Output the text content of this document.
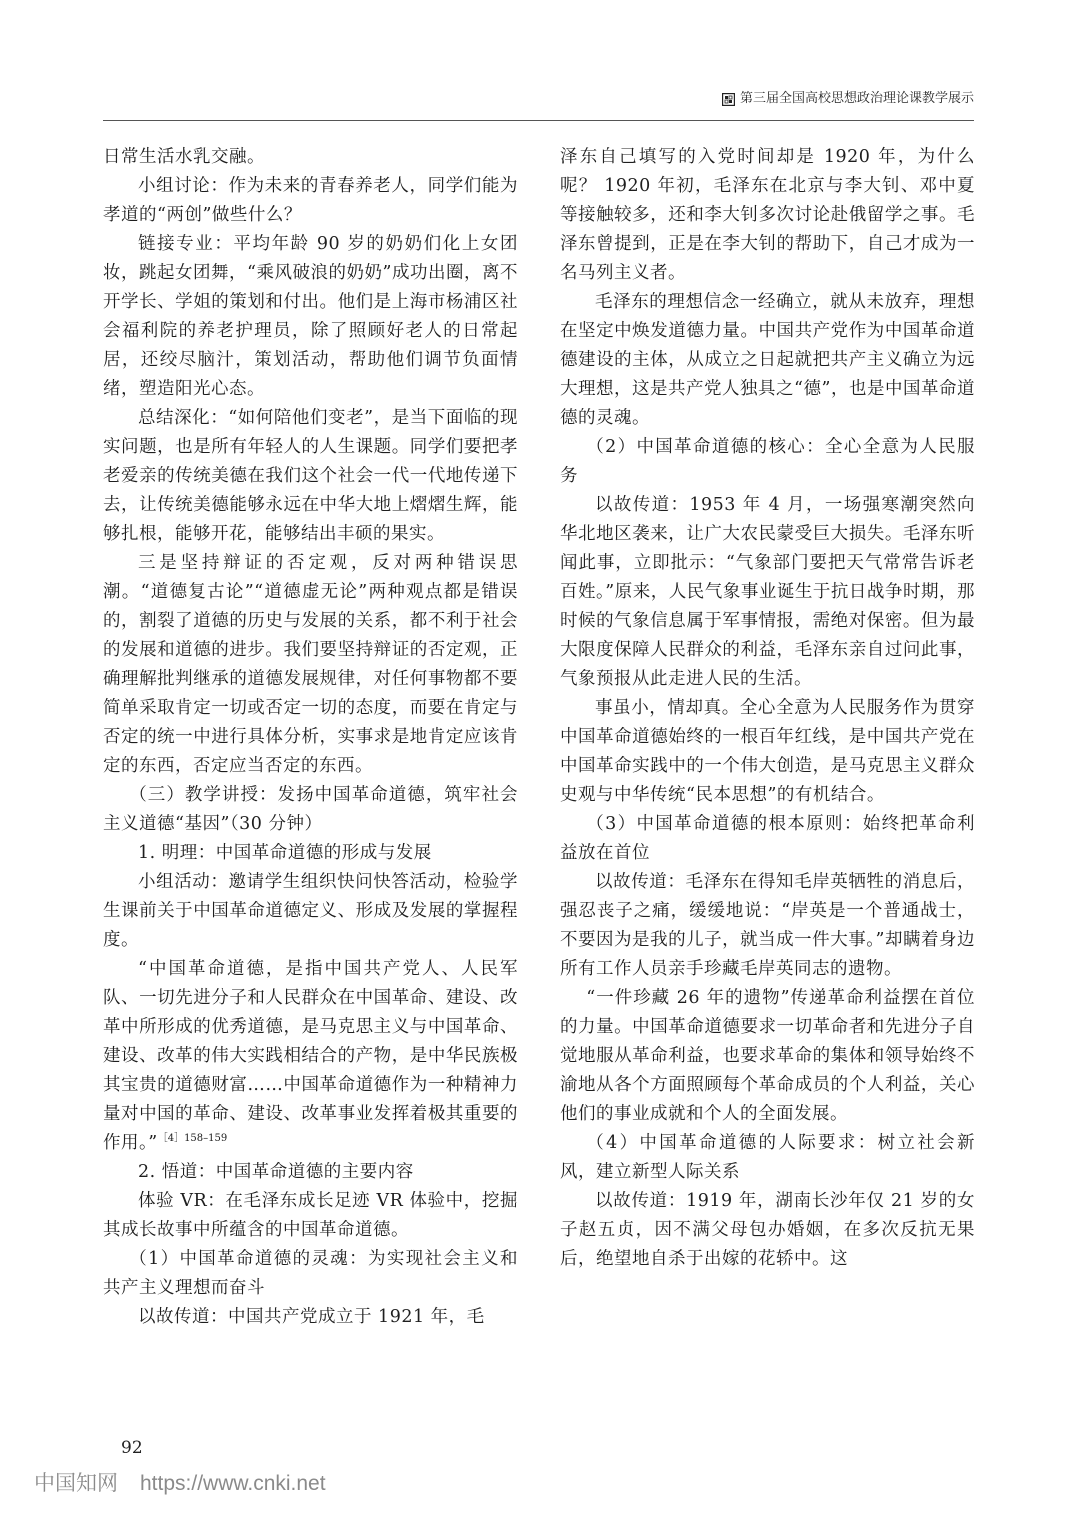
第三届全国高校思想政治理论课教学展示

日常生活水乳交融。

小组讨论：作为未来的青春养老人，同学们能为孝道的“两创”做些什么？

链接专业：平均年龄 90 岁的奶奶们化上女团妆，跳起女团舞，“乘风破浪的奶奶”成功出圈，离不开学长、学姐的策划和付出。他们是上海市杨浦区社会福利院的养老护理员，除了照顾好老人的日常起居，还绞尽脑汁，策划活动，帮助他们调节负面情绪，塑造阳光心态。

总结深化：“如何陪他们变老”，是当下面临的现实问题，也是所有年轻人的人生课题。同学们要把孝老爱亲的传统美德在我们这个社会一代一代地传递下去，让传统美德能够永远在中华大地上熠熠生辉，能够扎根，能够开花，能够结出丰硕的果实。

三是坚持辩证的否定观，反对两种错误思潮。“道德复古论”“道德虚无论”两种观点都是错误的，割裂了道德的历史与发展的关系，都不利于社会的发展和道德的进步。我们要坚持辩证的否定观，正确理解批判继承的道德发展规律，对任何事物都不要简单采取肯定一切或否定一切的态度，而要在肯定与否定的统一中进行具体分析，实事求是地肯定应该肯定的东西，否定应当否定的东西。

（三）教学讲授：发扬中国革命道德，筑牢社会主义道德“基因”（30 分钟）

1. 明理：中国革命道德的形成与发展

小组活动：邀请学生组织快问快答活动，检验学生课前关于中国革命道德定义、形成及发展的掌握程度。

“中国革命道德，是指中国共产党人、人民军队、一切先进分子和人民群众在中国革命、建设、改革中所形成的优秀道德，是马克思主义与中国革命、建设、改革的伟大实践相结合的产物，是中华民族极其宝贵的道德财富……中国革命道德作为一种精神力量对中国的革命、建设、改革事业发挥着极其重要的作用。”$^{[4]158-159}$

2. 悟道：中国革命道德的主要内容

体验 VR：在毛泽东成长足迹 VR 体验中，挖掘其成长故事中所蕴含的中国革命道德。

（1）中国革命道德的灵魂：为实现社会主义和共产主义理想而奋斗

以故传道：中国共产党成立于 1921 年，毛

泽东自己填写的入党时间却是 1920 年，为什么呢？ 1920 年初，毛泽东在北京与李大钊、邓中夏等接触较多，还和李大钊多次讨论赴俄留学之事。毛泽东曾提到，正是在李大钊的帮助下，自己才成为一名马列主义者。

毛泽东的理想信念一经确立，就从未放弃，理想在坚定中焕发道德力量。中国共产党作为中国革命道德建设的主体，从成立之日起就把共产主义确立为远大理想，这是共产党人独具之“德”，也是中国革命道德的灵魂。

（2）中国革命道德的核心：全心全意为人民服务

以故传道：1953 年 4 月，一场强寒潮突然向华北地区袭来，让广大农民蒙受巨大损失。毛泽东听闻此事，立即批示：“气象部门要把天气常常告诉老百姓。”原来，人民气象事业诞生于抗日战争时期，那时候的气象信息属于军事情报，需绝对保密。但为最大限度保障人民群众的利益，毛泽东亲自过问此事，气象预报从此走进人民的生活。

事虽小，情却真。全心全意为人民服务作为贯穿中国革命道德始终的一根百年红线，是中国共产党在中国革命实践中的一个伟大创造，是马克思主义群众史观与中华传统“民本思想”的有机结合。

（3）中国革命道德的根本原则：始终把革命利益放在首位

以故传道：毛泽东在得知毛岸英牺牲的消息后，强忍丧子之痛，缓缓地说：“岸英是一个普通战士，不要因为是我的儿子，就当成一件大事。”却瞒着身边所有工作人员亲手珍藏毛岸英同志的遗物。

“一件珍藏 26 年的遗物”传递革命利益摆在首位的力量。中国革命道德要求一切革命者和先进分子自觉地服从革命利益，也要求革命的集体和领导始终不渝地从各个方面照顾每个革命成员的个人利益，关心他们的事业成就和个人的全面发展。

（4）中国革命道德的人际要求：树立社会新风，建立新型人际关系

以故传道：1919 年，湖南长沙年仅 21 岁的女子赵五贞，因不满父母包办婚姻，在多次反抗无果后，绝望地自杀于出嫁的花轿中。这

92
中国知网 https://www.cnki.net
